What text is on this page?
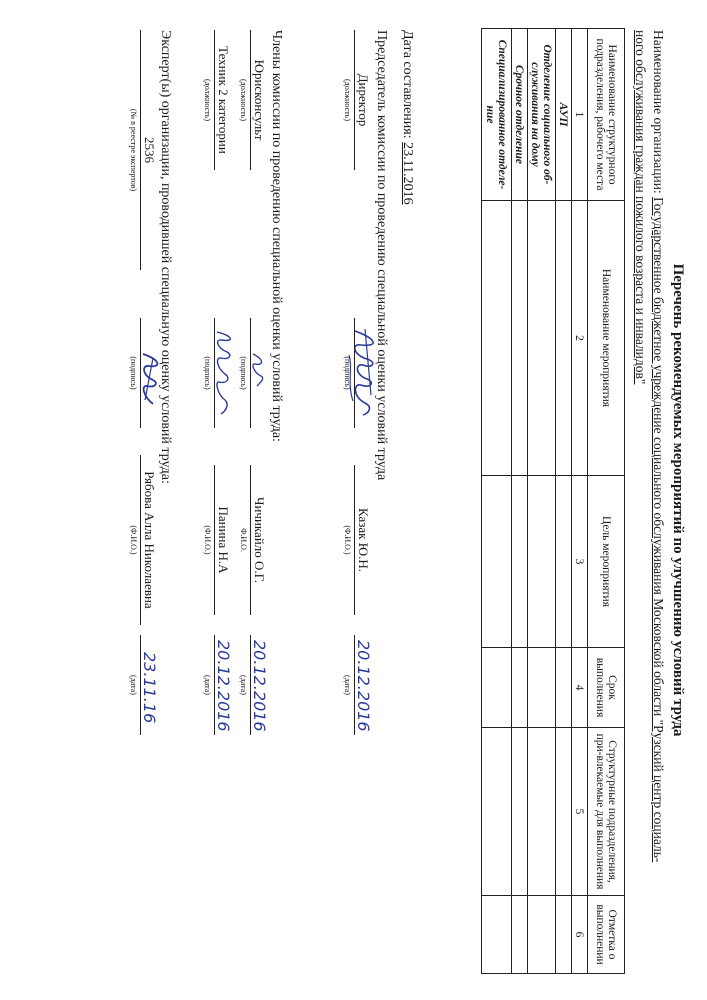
Перечень рекомендуемых мероприятий по улучшению условий труда
Наименование организации: Государственное бюджетное учреждение социального обслуживания Московской области "Рузский центр социаль-
ного обслуживания граждан пожилого возраста и инвалидов"
Наименование структурного подразделения, рабочего места	Наименование мероприятия	Цель мероприятия	Срок выполнения	Структурные подразделения, при-влекаемые для выполнения	Отметка о выполнении
1	2	3	4	5	6
АУП					
Отделение социального об-служивания на дому					
Срочное отделение					
Специализированное отделе-ние					
Дата составления: 23.11.2016
Председатель комиссии по проведению специальной оценки условий труда
Директор
(должность)
(подпись)
Казак Ю.Н.
(Ф.И.О.)
20.12.2016
(дата)
Члены комиссии по проведению специальной оценки условий труда:
Юрисконсульт
(должность)
(подпись)
Чичикайло О.Г.
Ф.И.О.
20.12.2016
(дата)
Техник 2 категории
(должность)
(подпись)
Панина Н.А
(Ф.И.О.)
20.12.2016
(дата)
Эксперт(ы) организации, проводившей специальную оценку условий труда:
2536
(№ в реестре экспертов)
(подпись)
Рябова Алла Николаевна
(Ф.И.О.)
23.11.16
(дата)
